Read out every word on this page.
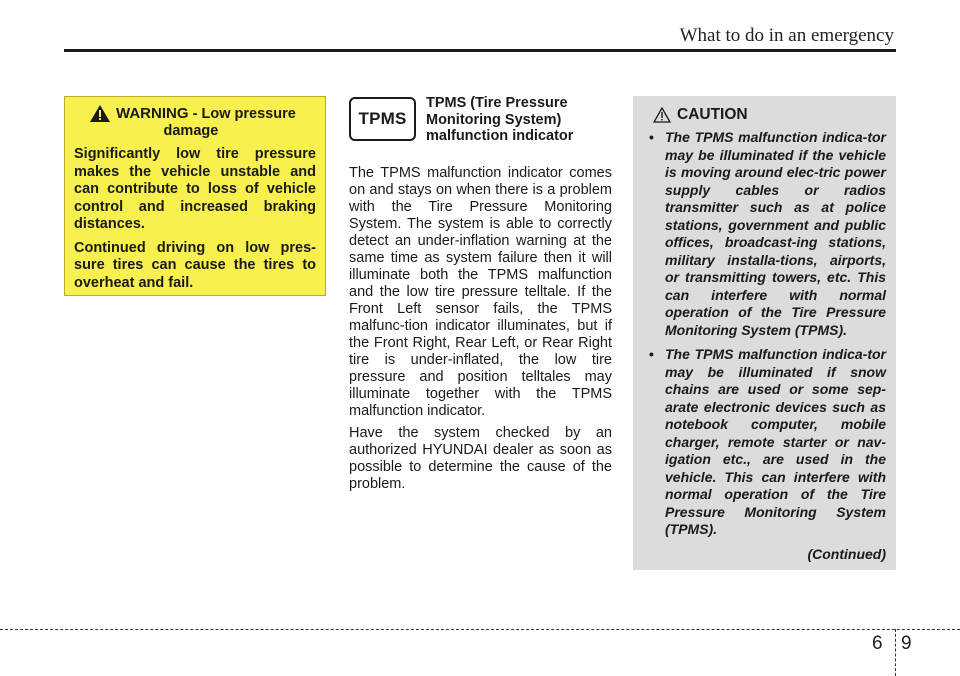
What to do in an emergency
WARNING - Low pressure
damage

Significantly low tire pressure makes the vehicle unstable and can contribute to loss of vehicle control and increased braking distances.

Continued driving on low pres-sure tires can cause the tires to overheat and fail.

TPMS
TPMS (Tire Pressure
Monitoring System)
malfunction indicator

The TPMS malfunction indicator comes on and stays on when there is a problem with the Tire Pressure Monitoring System. The system is able to correctly detect an under-inflation warning at the same time as system failure then it will illuminate both the TPMS malfunction and the low tire pressure telltale. If the Front Left sensor fails, the TPMS malfunc-tion indicator illuminates, but if the Front Right, Rear Left, or Rear Right tire is under-inflated, the low tire pressure and position telltales may illuminate together with the TPMS malfunction indicator.

Have the system checked by an authorized HYUNDAI dealer as soon as possible to determine the cause of the problem.

CAUTION
• The TPMS malfunction indica-tor may be illuminated if the vehicle is moving around elec-tric power supply cables or radios transmitter such as at police stations, government and public offices, broadcast-ing stations, military installa-tions, airports, or transmitting towers, etc. This can interfere with normal operation of the Tire Pressure Monitoring System (TPMS).
• The TPMS malfunction indica-tor may be illuminated if snow chains are used or some sep-arate electronic devices such as notebook computer, mobile charger, remote starter or nav-igation etc., are used in the vehicle. This can interfere with normal operation of the Tire Pressure Monitoring System (TPMS).
(Continued)
6 9
